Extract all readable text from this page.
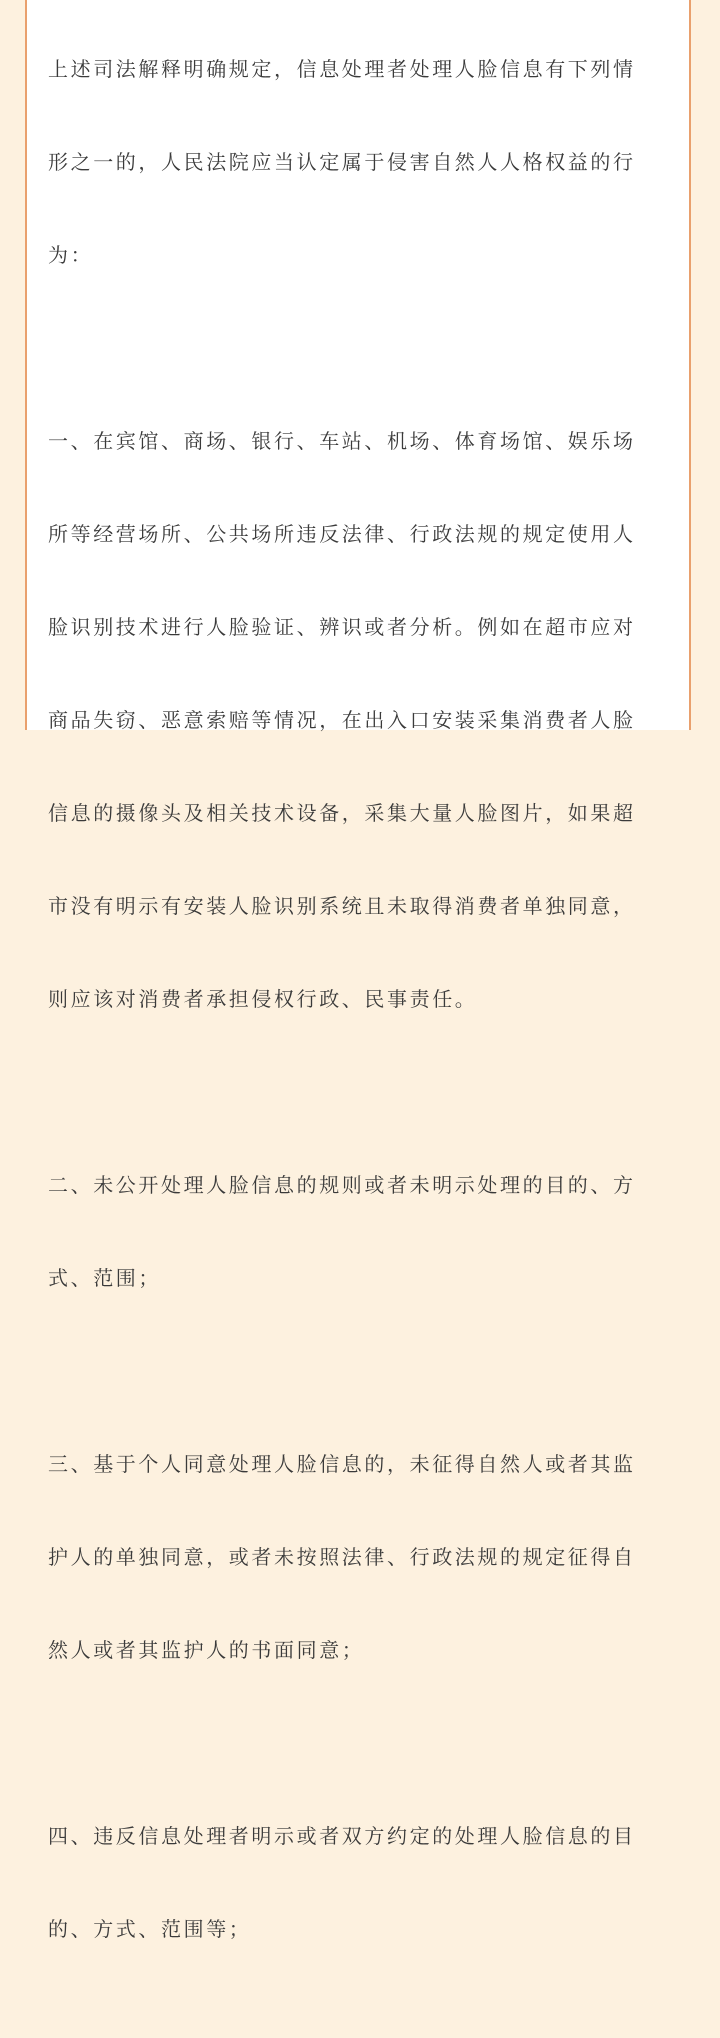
上述司法解释明确规定，信息处理者处理人脸信息有下列情

形之一的，人民法院应当认定属于侵害自然人人格权益的行

为：

一、在宾馆、商场、银行、车站、机场、体育场馆、娱乐场

所等经营场所、公共场所违反法律、行政法规的规定使用人

脸识别技术进行人脸验证、辨识或者分析。例如在超市应对

商品失窃、恶意索赔等情况，在出入口安装采集消费者人脸

信息的摄像头及相关技术设备，采集大量人脸图片，如果超

市没有明示有安装人脸识别系统且未取得消费者单独同意，

则应该对消费者承担侵权行政、民事责任。

二、未公开处理人脸信息的规则或者未明示处理的目的、方

式、范围；

三、基于个人同意处理人脸信息的，未征得自然人或者其监

护人的单独同意，或者未按照法律、行政法规的规定征得自

然人或者其监护人的书面同意；

四、违反信息处理者明示或者双方约定的处理人脸信息的目

的、方式、范围等；
